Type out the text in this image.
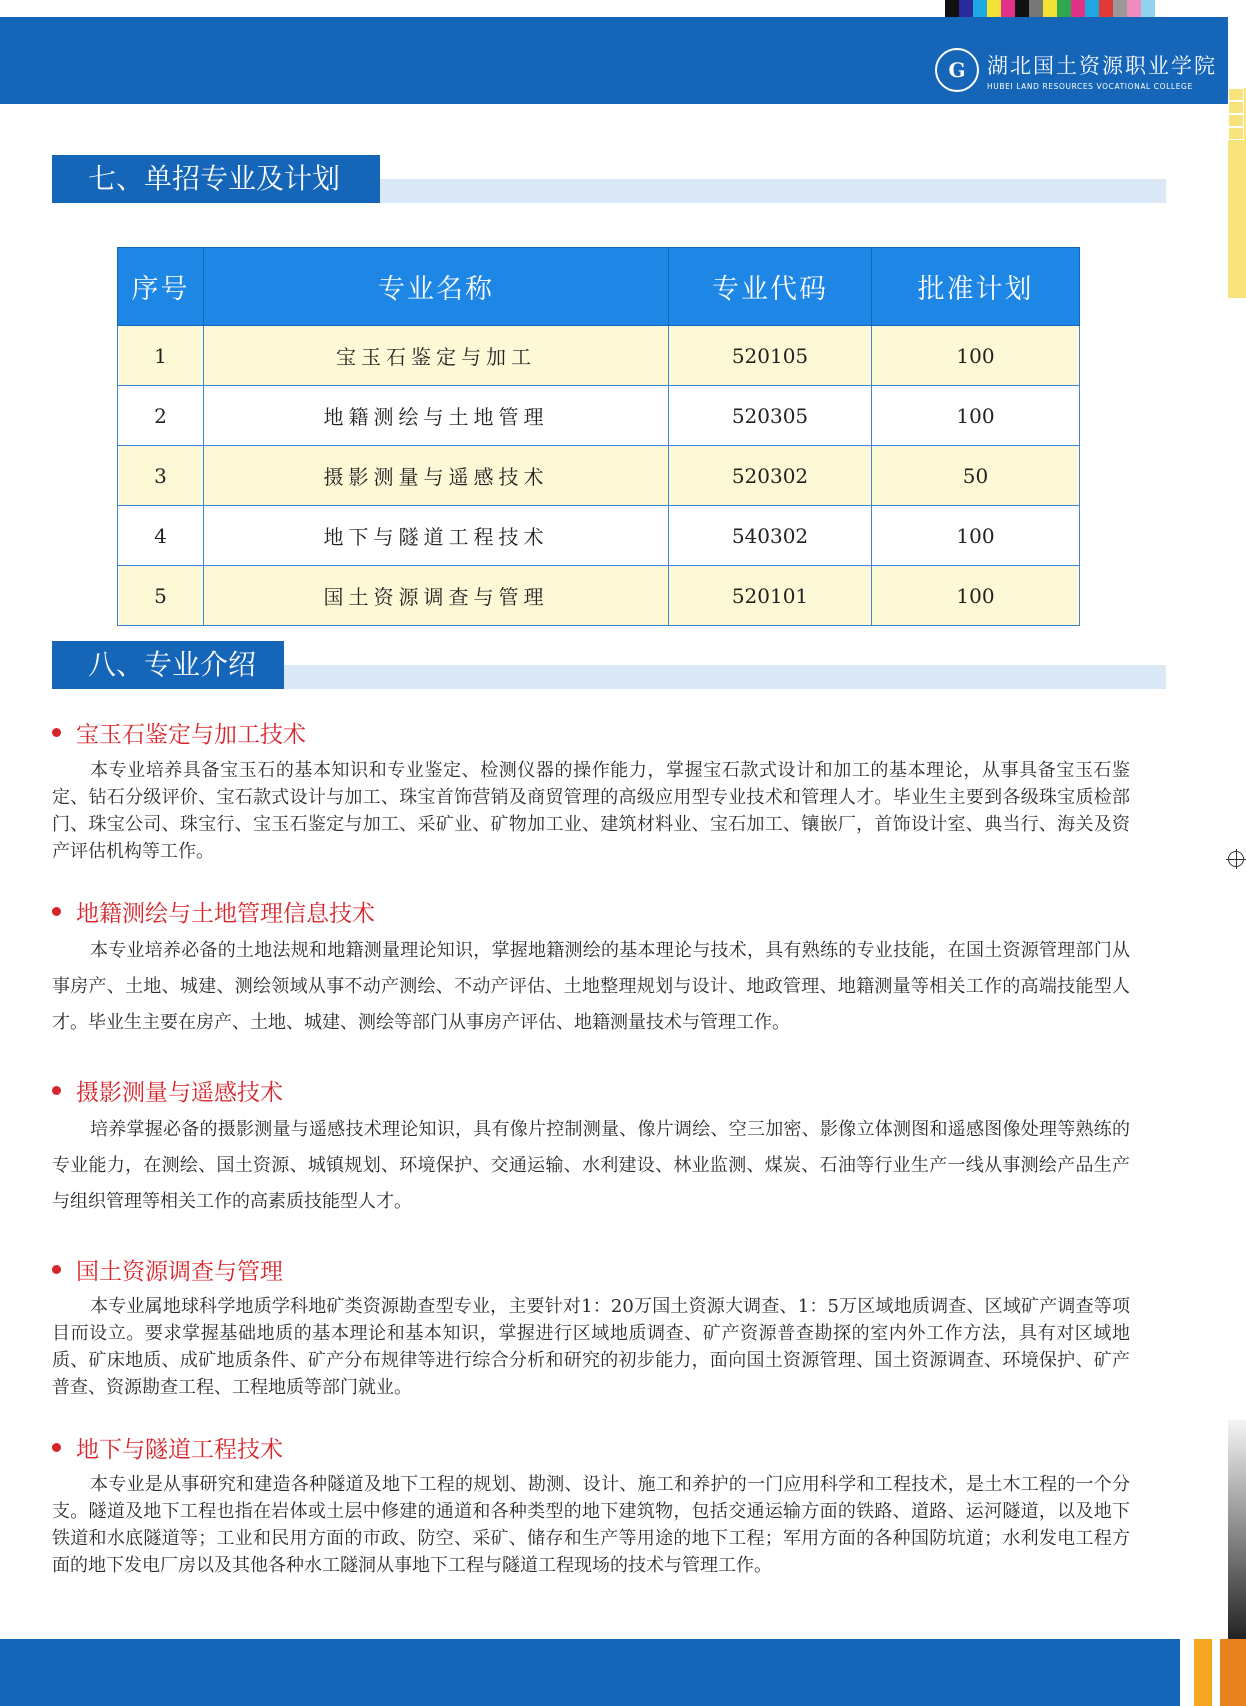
G	湖北国土资源职业学院
HUBEI LAND RESOURCES VOCATIONAL COLLEGE
七、单招专业及计划
序号	专业名称	专业代码	批准计划
1	宝玉石鉴定与加工	520105	100
2	地籍测绘与土地管理	520305	100
3	摄影测量与遥感技术	520302	50
4	地下与隧道工程技术	540302	100
5	国土资源调查与管理	520101	100
八、专业介绍
宝玉石鉴定与加工技术

本专业培养具备宝玉石的基本知识和专业鉴定、检测仪器的操作能力，掌握宝石款式设计和加工的基本理论，从事具备宝玉石鉴定、钻石分级评价、宝石款式设计与加工、珠宝首饰营销及商贸管理的高级应用型专业技术和管理人才。毕业生主要到各级珠宝质检部门、珠宝公司、珠宝行、宝玉石鉴定与加工、采矿业、矿物加工业、建筑材料业、宝石加工、镶嵌厂，首饰设计室、典当行、海关及资产评估机构等工作。

地籍测绘与土地管理信息技术

本专业培养必备的土地法规和地籍测量理论知识，掌握地籍测绘的基本理论与技术，具有熟练的专业技能，在国土资源管理部门从事房产、土地、城建、测绘领域从事不动产测绘、不动产评估、土地整理规划与设计、地政管理、地籍测量等相关工作的高端技能型人才。毕业生主要在房产、土地、城建、测绘等部门从事房产评估、地籍测量技术与管理工作。

摄影测量与遥感技术

培养掌握必备的摄影测量与遥感技术理论知识，具有像片控制测量、像片调绘、空三加密、影像立体测图和遥感图像处理等熟练的专业能力，在测绘、国土资源、城镇规划、环境保护、交通运输、水利建设、林业监测、煤炭、石油等行业生产一线从事测绘产品生产与组织管理等相关工作的高素质技能型人才。

国土资源调查与管理

本专业属地球科学地质学科地矿类资源勘查型专业，主要针对1：20万国土资源大调查、1：5万区域地质调查、区域矿产调查等项目而设立。要求掌握基础地质的基本理论和基本知识，掌握进行区域地质调查、矿产资源普查勘探的室内外工作方法，具有对区域地质、矿床地质、成矿地质条件、矿产分布规律等进行综合分析和研究的初步能力，面向国土资源管理、国土资源调查、环境保护、矿产普查、资源勘查工程、工程地质等部门就业。

地下与隧道工程技术

本专业是从事研究和建造各种隧道及地下工程的规划、勘测、设计、施工和养护的一门应用科学和工程技术，是土木工程的一个分支。隧道及地下工程也指在岩体或土层中修建的通道和各种类型的地下建筑物，包括交通运输方面的铁路、道路、运河隧道，以及地下铁道和水底隧道等；工业和民用方面的市政、防空、采矿、储存和生产等用途的地下工程；军用方面的各种国防坑道；水利发电工程方面的地下发电厂房以及其他各种水工隧洞从事地下工程与隧道工程现场的技术与管理工作。
